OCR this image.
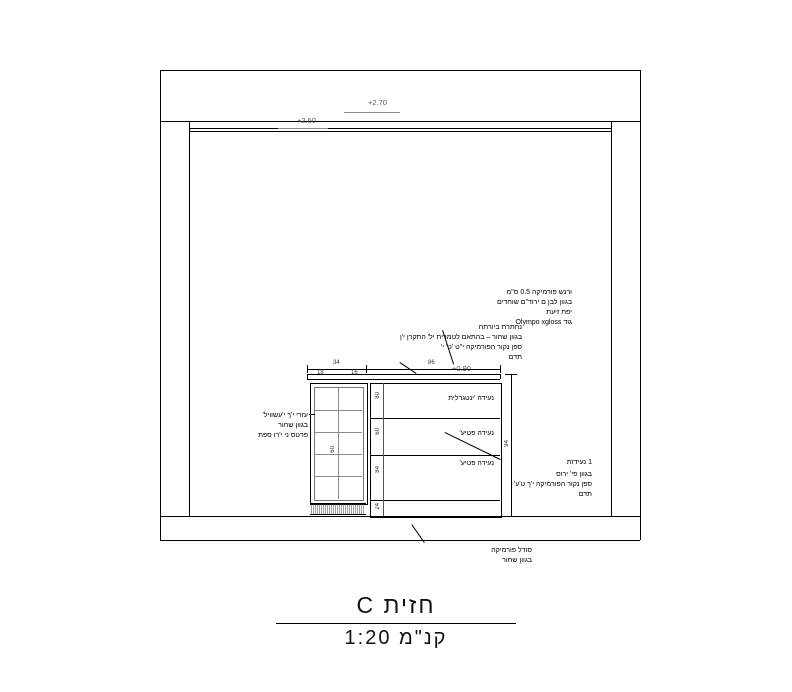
+2.70
+2.60
+0.90
נעידה 'ינטגרלית
נעידה פטיע'
נעידה פטיע'
34	86
18	16
80
60
84
24
94
60
ורנש פורמיקה 0.5 ס"מ
בגוון לבן ם ירוד"ם שוחדים
יפת זיעת
Olympo xgloss גוד
נחתרת ביורתח
בגוון שחור – בהתאם לטמרית יל' התקרן י'ן
ספן נקור הפורמיקה י"ט 'ט' י'
תדם
עזרי י'ך י'עשוויל'
בגוון שחור
פרטס ני י'רו ספת
1 נעידזת
בגוון פי' ירוס
ספן נקור הפורמיקה י'ך ט'ע'
תדם
סודל פורמיקה
בגוון שחור
חזית C
קנ"מ 1:20
